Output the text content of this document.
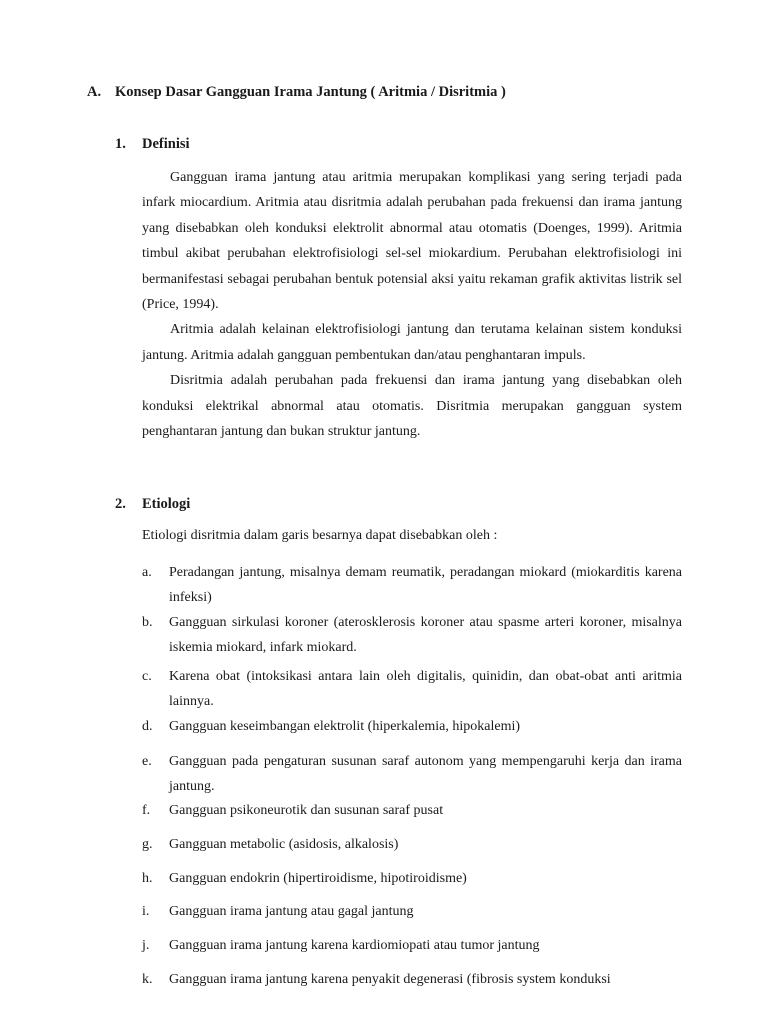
A. Konsep Dasar Gangguan Irama Jantung ( Aritmia / Disritmia )
1. Definisi

Gangguan irama jantung atau aritmia merupakan komplikasi yang sering terjadi pada infark miocardium. Aritmia atau disritmia adalah perubahan pada frekuensi dan irama jantung yang disebabkan oleh konduksi elektrolit abnormal atau otomatis (Doenges, 1999). Aritmia timbul akibat perubahan elektrofisiologi sel-sel miokardium. Perubahan elektrofisiologi ini bermanifestasi sebagai perubahan bentuk potensial aksi yaitu rekaman grafik aktivitas listrik sel (Price, 1994).

Aritmia adalah kelainan elektrofisiologi jantung dan terutama kelainan sistem konduksi jantung. Aritmia adalah gangguan pembentukan dan/atau penghantaran impuls.

Disritmia adalah perubahan pada frekuensi dan irama jantung yang disebabkan oleh konduksi elektrikal abnormal atau otomatis. Disritmia merupakan gangguan system penghantaran jantung dan bukan struktur jantung.

2. Etiologi
Etiologi disritmia dalam garis besarnya dapat disebabkan oleh :
a.	Peradangan jantung, misalnya demam reumatik, peradangan miokard (miokarditis karena infeksi)
b.	Gangguan sirkulasi koroner (aterosklerosis koroner atau spasme arteri koroner, misalnya iskemia miokard, infark miokard.
c.	Karena obat (intoksikasi antara lain oleh digitalis, quinidin, dan obat-obat anti aritmia lainnya.
d.	Gangguan keseimbangan elektrolit (hiperkalemia, hipokalemi)
e.	Gangguan pada pengaturan susunan saraf autonom yang mempengaruhi kerja dan irama jantung.
f.	Gangguan psikoneurotik dan susunan saraf pusat
g.	Gangguan metabolic (asidosis, alkalosis)
h.	Gangguan endokrin (hipertiroidisme, hipotiroidisme)
i.	Gangguan irama jantung atau gagal jantung
j.	Gangguan irama jantung karena kardiomiopati atau tumor jantung
k.	Gangguan irama jantung karena penyakit degenerasi (fibrosis system konduksi
